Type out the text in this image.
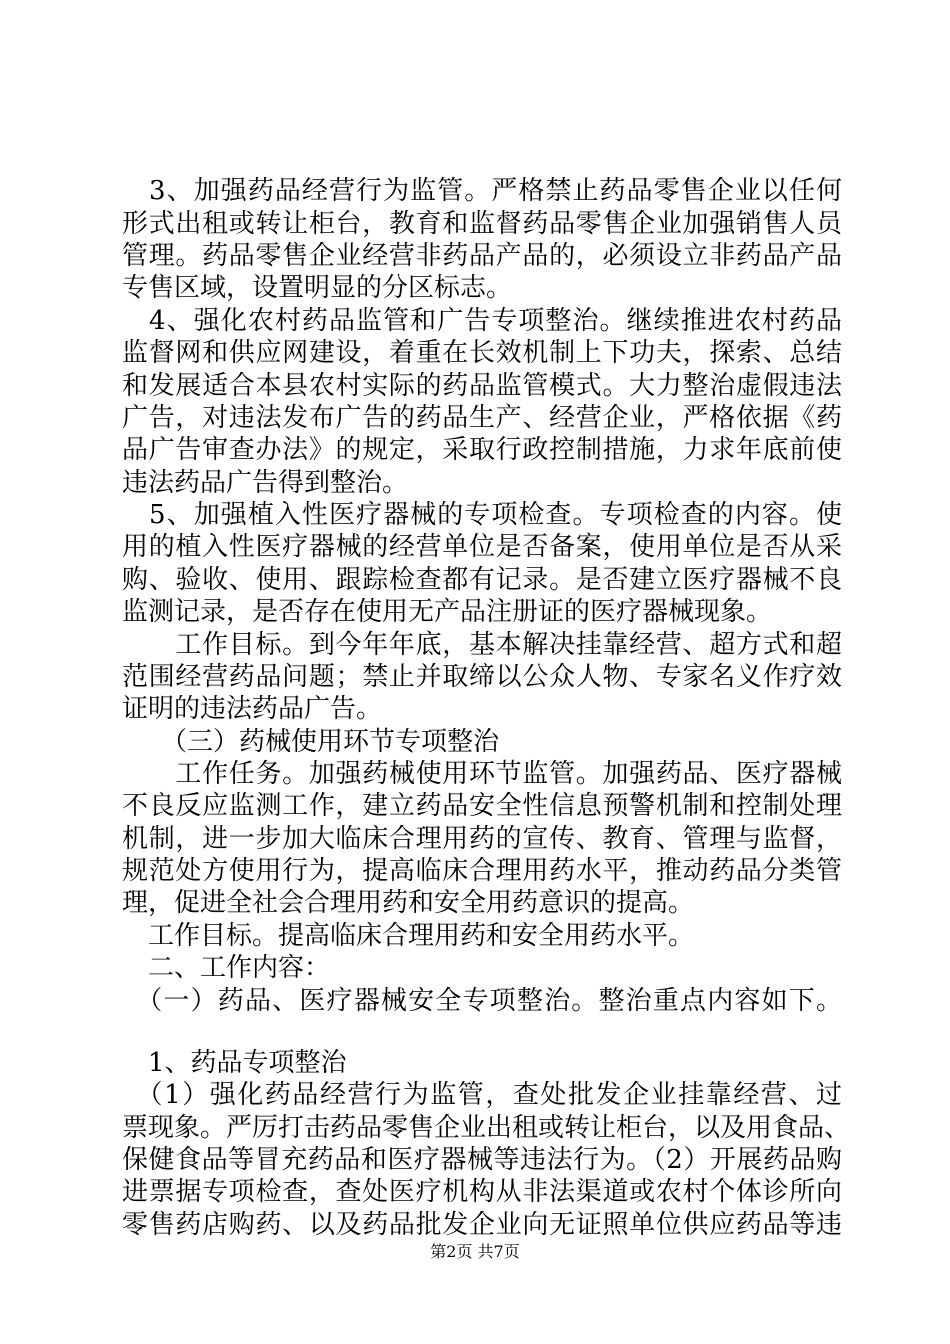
　3、加强药品经营行为监管。严格禁止药品零售企业以任何
形式出租或转让柜台，教育和监督药品零售企业加强销售人员
管理。药品零售企业经营非药品产品的，必须设立非药品产品
专售区域，设置明显的分区标志。
　4、强化农村药品监管和广告专项整治。继续推进农村药品
监督网和供应网建设，着重在长效机制上下功夫，探索、总结
和发展适合本县农村实际的药品监管模式。大力整治虚假违法
广告，对违法发布广告的药品生产、经营企业，严格依据《药
品广告审查办法》的规定，采取行政控制措施，力求年底前使
违法药品广告得到整治。
　5、加强植入性医疗器械的专项检查。专项检查的内容。使
用的植入性医疗器械的经营单位是否备案，使用单位是否从采
购、验收、使用、跟踪检查都有记录。是否建立医疗器械不良
监测记录，是否存在使用无产品注册证的医疗器械现象。
　　工作目标。到今年年底，基本解决挂靠经营、超方式和超
范围经营药品问题；禁止并取缔以公众人物、专家名义作疗效
证明的违法药品广告。
　　（三）药械使用环节专项整治
　　工作任务。加强药械使用环节监管。加强药品、医疗器械
不良反应监测工作，建立药品安全性信息预警机制和控制处理
机制，进一步加大临床合理用药的宣传、教育、管理与监督，
规范处方使用行为，提高临床合理用药水平，推动药品分类管
理，促进全社会合理用药和安全用药意识的提高。
　工作目标。提高临床合理用药和安全用药水平。
　二、工作内容：
　（一）药品、医疗器械安全专项整治。整治重点内容如下。
　1、药品专项整治
　（1）强化药品经营行为监管，查处批发企业挂靠经营、过
票现象。严厉打击药品零售企业出租或转让柜台，以及用食品、
保健食品等冒充药品和医疗器械等违法行为。（2）开展药品购
进票据专项检查，查处医疗机构从非法渠道或农村个体诊所向
零售药店购药、以及药品批发企业向无证照单位供应药品等违
第2页 共7页
